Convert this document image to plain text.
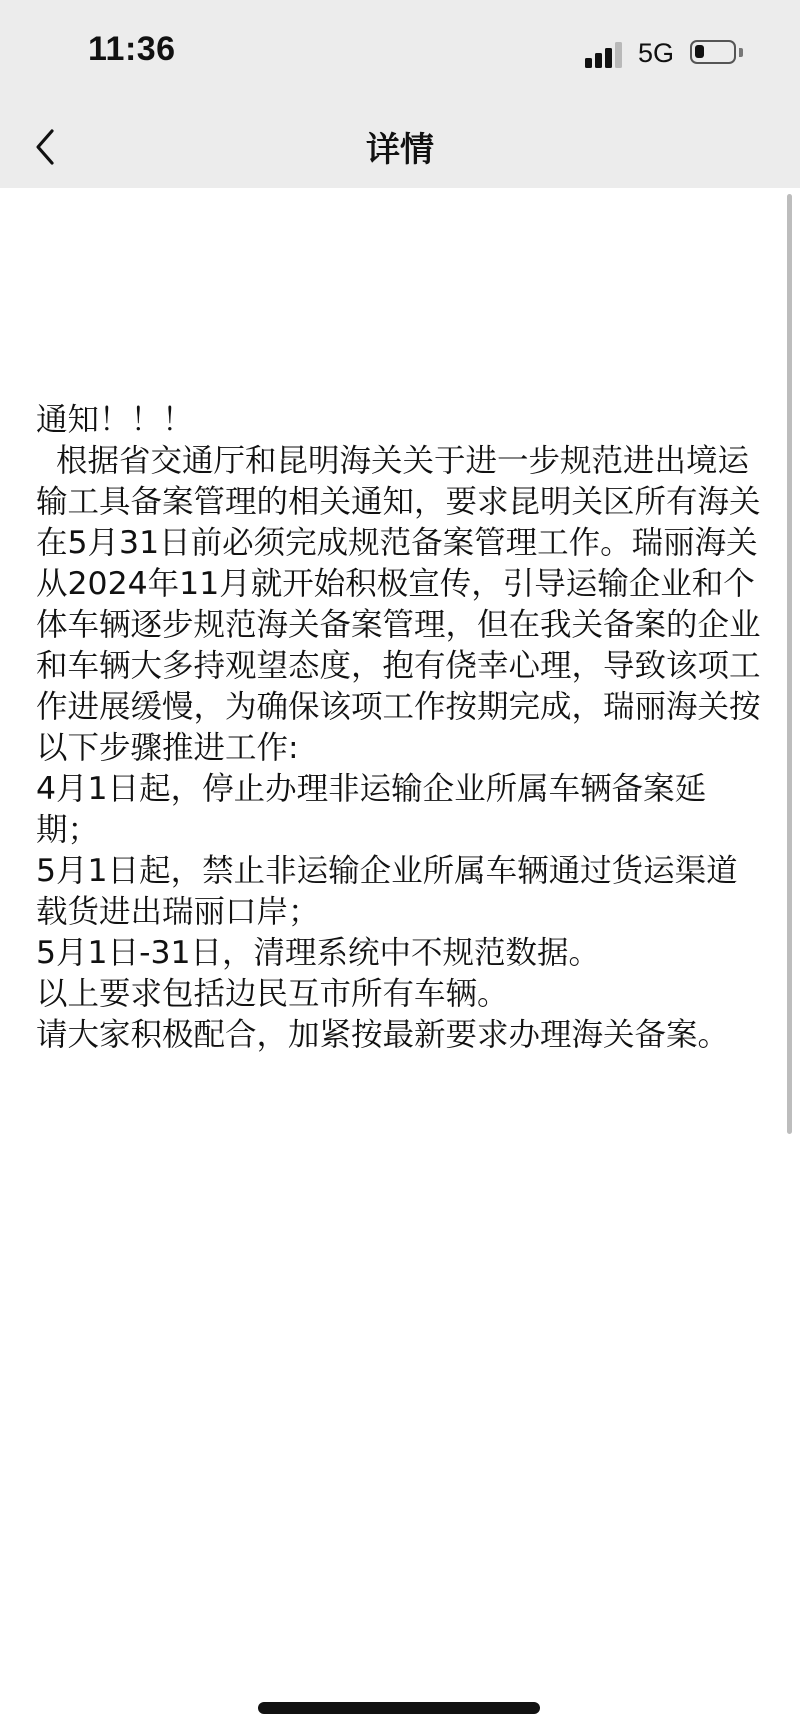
11:36	5G
详情
通知！！！
根据省交通厅和昆明海关关于进一步规范进出境运输工具备案管理的相关通知，要求昆明关区所有海关在5月31日前必须完成规范备案管理工作。瑞丽海关从2024年11月就开始积极宣传，引导运输企业和个体车辆逐步规范海关备案管理，但在我关备案的企业和车辆大多持观望态度，抱有侥幸心理，导致该项工作进展缓慢，为确保该项工作按期完成，瑞丽海关按以下步骤推进工作:
4月1日起，停止办理非运输企业所属车辆备案延期；
5月1日起，禁止非运输企业所属车辆通过货运渠道载货进出瑞丽口岸；
5月1日-31日，清理系统中不规范数据。
以上要求包括边民互市所有车辆。
请大家积极配合，加紧按最新要求办理海关备案。
